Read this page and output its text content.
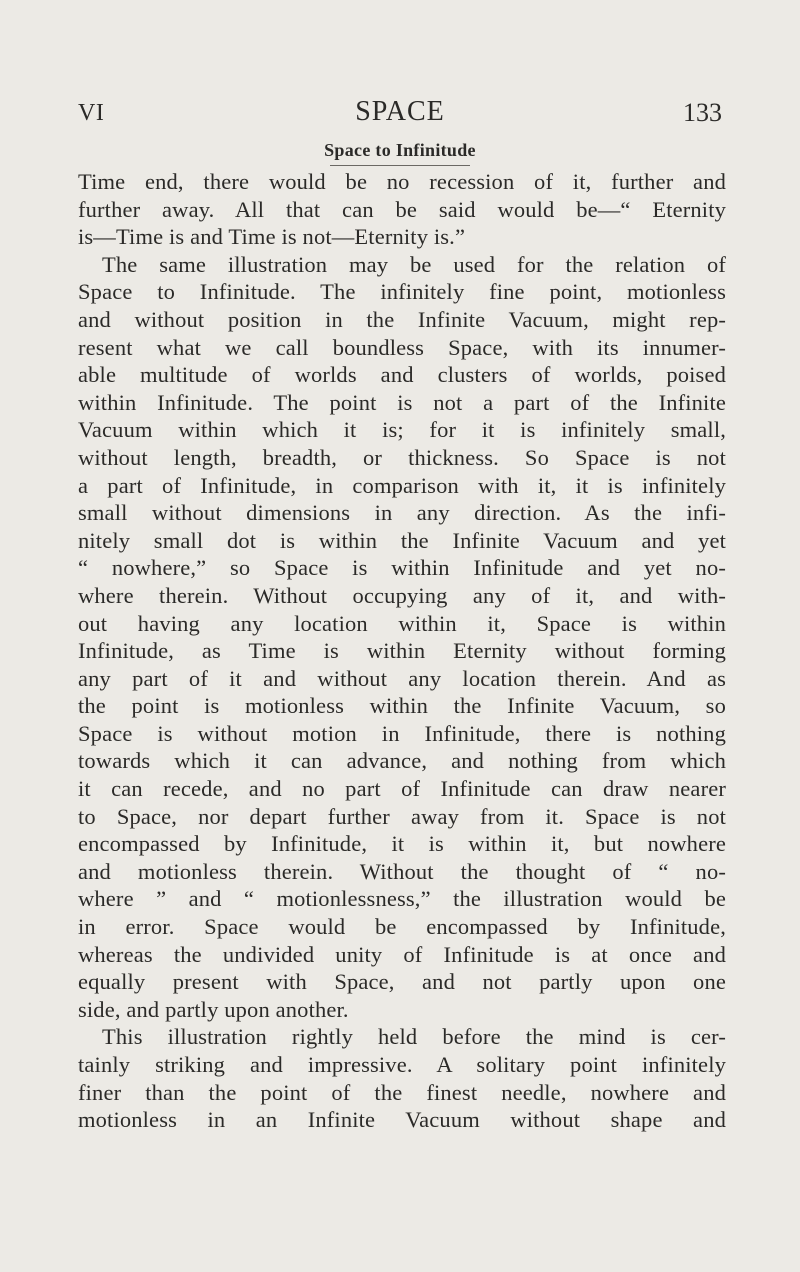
VI	SPACE	133
Space to Infinitude
Time end, there would be no recession of it, further and
further away. All that can be said would be—“ Eternity
is—Time is and Time is not—Eternity is.”
The same illustration may be used for the relation of
Space to Infinitude. The infinitely fine point, motionless
and without position in the Infinite Vacuum, might rep-
resent what we call boundless Space, with its innumer-
able multitude of worlds and clusters of worlds, poised
within Infinitude. The point is not a part of the Infinite
Vacuum within which it is; for it is infinitely small,
without length, breadth, or thickness. So Space is not
a part of Infinitude, in comparison with it, it is infinitely
small without dimensions in any direction. As the infi-
nitely small dot is within the Infinite Vacuum and yet
“ nowhere,” so Space is within Infinitude and yet no-
where therein. Without occupying any of it, and with-
out having any location within it, Space is within
Infinitude, as Time is within Eternity without forming
any part of it and without any location therein. And as
the point is motionless within the Infinite Vacuum, so
Space is without motion in Infinitude, there is nothing
towards which it can advance, and nothing from which
it can recede, and no part of Infinitude can draw nearer
to Space, nor depart further away from it. Space is not
encompassed by Infinitude, it is within it, but nowhere
and motionless therein. Without the thought of “ no-
where ” and “ motionlessness,” the illustration would be
in error. Space would be encompassed by Infinitude,
whereas the undivided unity of Infinitude is at once and
equally present with Space, and not partly upon one
side, and partly upon another.
This illustration rightly held before the mind is cer-
tainly striking and impressive. A solitary point infinitely
finer than the point of the finest needle, nowhere and
motionless in an Infinite Vacuum without shape and
